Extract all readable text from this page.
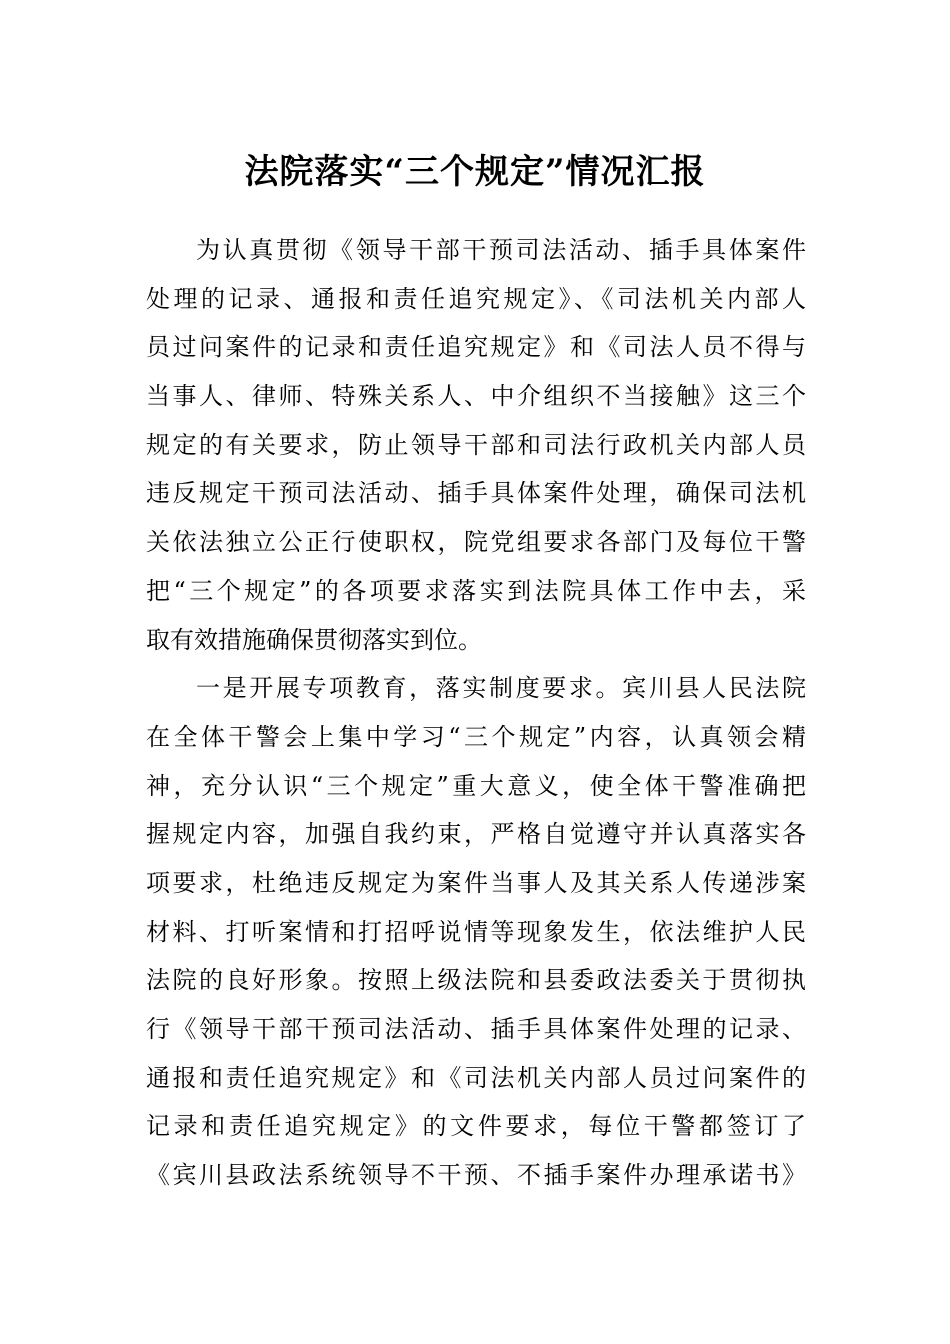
法院落实“三个规定”情况汇报
为认真贯彻《领导干部干预司法活动、插手具体案件
处理的记录、通报和责任追究规定》、《司法机关内部人
员过问案件的记录和责任追究规定》和《司法人员不得与
当事人、律师、特殊关系人、中介组织不当接触》这三个
规定的有关要求，防止领导干部和司法行政机关内部人员
违反规定干预司法活动、插手具体案件处理，确保司法机
关依法独立公正行使职权，院党组要求各部门及每位干警
把“三个规定”的各项要求落实到法院具体工作中去，采
取有效措施确保贯彻落实到位。
一是开展专项教育，落实制度要求。宾川县人民法院
在全体干警会上集中学习“三个规定”内容，认真领会精
神，充分认识“三个规定”重大意义，使全体干警准确把
握规定内容，加强自我约束，严格自觉遵守并认真落实各
项要求，杜绝违反规定为案件当事人及其关系人传递涉案
材料、打听案情和打招呼说情等现象发生，依法维护人民
法院的良好形象。按照上级法院和县委政法委关于贯彻执
行《领导干部干预司法活动、插手具体案件处理的记录、
通报和责任追究规定》和《司法机关内部人员过问案件的
记录和责任追究规定》的文件要求，每位干警都签订了
《宾川县政法系统领导不干预、不插手案件办理承诺书》
